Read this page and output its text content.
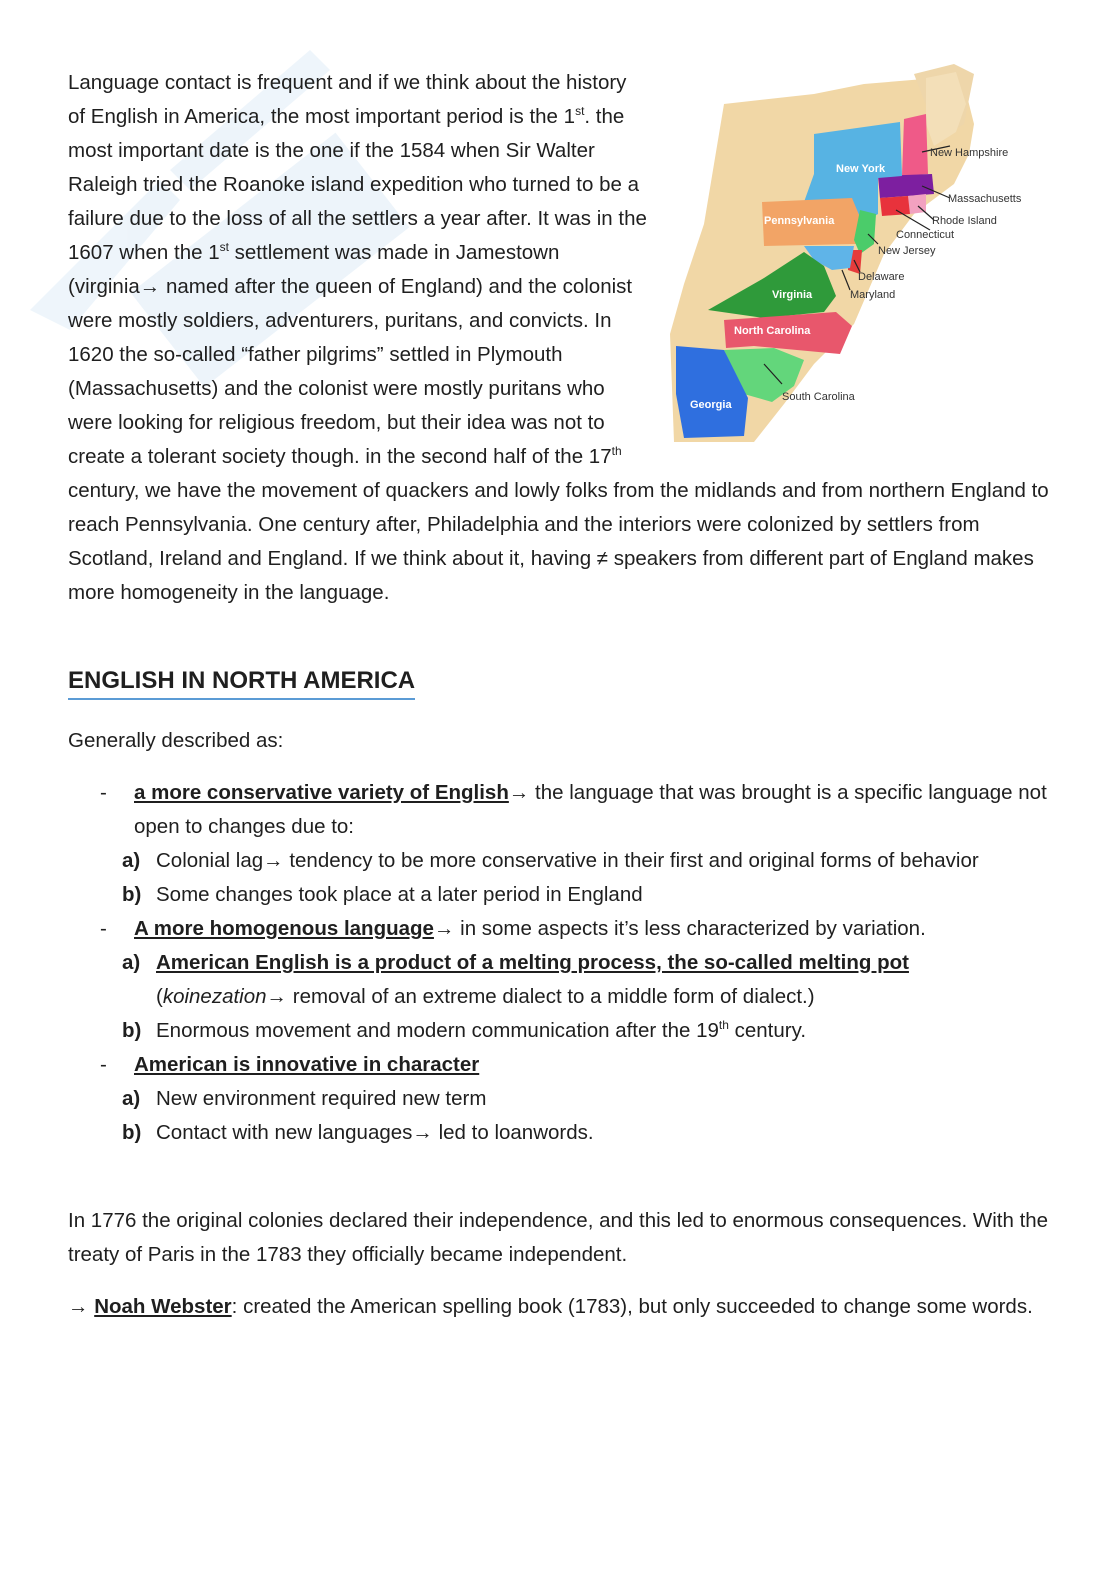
New York
Pennsylvania
Virginia
North Carolina
Georgia
New Hampshire
Massachusetts
Rhode Island
Connecticut
New Jersey
Delaware
Maryland
South Carolina

Language contact is frequent and if we think about the history of English in America, the most important period is the 1st. the most important date is the one if the 1584 when Sir Walter Raleigh tried the Roanoke island expedition who turned to be a failure due to the loss of all the settlers a year after. It was in the 1607 when the 1st settlement was made in Jamestown (virginia→ named after the queen of England) and the colonist were mostly soldiers, adventurers, puritans, and convicts. In 1620 the so-called “father pilgrims” settled in Plymouth (Massachusetts) and the colonist were mostly puritans who were looking for religious freedom, but their idea was not to create a tolerant society though. in the second half of the 17th century, we have the movement of quackers and lowly folks from the midlands and from northern England to reach Pennsylvania. One century after, Philadelphia and the interiors were colonized by settlers from Scotland, Ireland and England. If we think about it, having ≠ speakers from different part of England makes more homogeneity in the language.

ENGLISH IN NORTH AMERICA

Generally described as:

- a more conservative variety of English→ the language that was brought is a specific language not open to changes due to:
a) Colonial lag→ tendency to be more conservative in their first and original forms of behavior
b) Some changes took place at a later period in England
- A more homogenous language→ in some aspects it’s less characterized by variation.
a) American English is a product of a melting process, the so-called melting pot
(koinezation→ removal of an extreme dialect to a middle form of dialect.)
b) Enormous movement and modern communication after the 19th century.
- American is innovative in character
a) New environment required new term
b) Contact with new languages→ led to loanwords.

In 1776 the original colonies declared their independence, and this led to enormous consequences. With the treaty of Paris in the 1783 they officially became independent.

→ Noah Webster: created the American spelling book (1783), but only succeeded to change some words.
